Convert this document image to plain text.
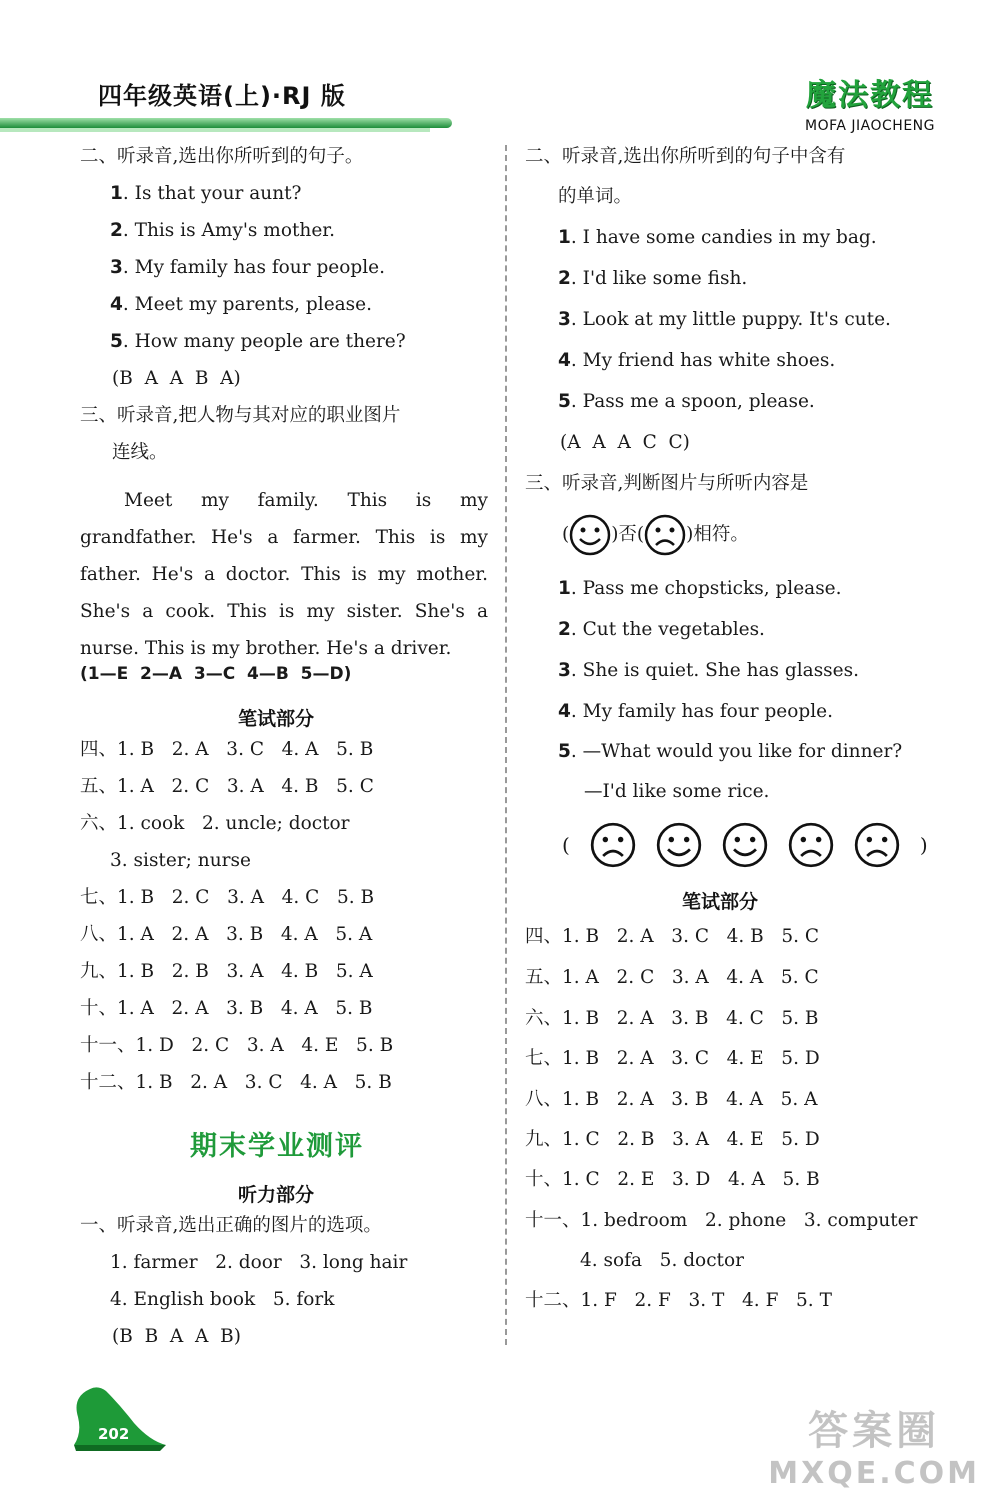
四年级英语(上)·RJ 版	魔法教程
MOFA JIAOCHENG
二、听录音,选出你所听到的句子。
1. Is that your aunt?
2. This is Amy's mother.
3. My family has four people.
4. Meet my parents, please.
5. How many people are there?
(B  A  A  B  A)
三、听录音,把人物与其对应的职业图片
连线。
Meet my family. This is my grandfather. He's a farmer. This is my father. He's a doctor. This is my mother. She's a cook. This is my sister. She's a nurse. This is my brother. He's a driver.
(1—E  2—A  3—C  4—B  5—D)
笔试部分
四、1. B   2. A   3. C   4. A   5. B
五、1. A   2. C   3. A   4. B   5. C
六、1. cook   2. uncle; doctor
3. sister; nurse
七、1. B   2. C   3. A   4. C   5. B
八、1. A   2. A   3. B   4. A   5. A
九、1. B   2. B   3. A   4. B   5. A
十、1. A   2. A   3. B   4. A   5. B
十一、1. D   2. C   3. A   4. E   5. B
十二、1. B   2. A   3. C   4. A   5. B
期末学业测评
听力部分
一、听录音,选出正确的图片的选项。
1. farmer   2. door   3. long hair
4. English book   5. fork
(B  B  A  A  B)
二、听录音,选出你所听到的句子中含有
的单词。
1. I have some candies in my bag.
2. I'd like some fish.
3. Look at my little puppy. It's cute.
4. My friend has white shoes.
5. Pass me a spoon, please.
(A  A  A  C  C)
三、听录音,判断图片与所听内容是
( )否( )相符。
1. Pass me chopsticks, please.
2. Cut the vegetables.
3. She is quiet. She has glasses.
4. My family has four people.
5. —What would you like for dinner?
—I'd like some rice.
(	)
笔试部分
四、1. B   2. A   3. C   4. B   5. C
五、1. A   2. C   3. A   4. A   5. C
六、1. B   2. A   3. B   4. C   5. B
七、1. B   2. A   3. C   4. E   5. D
八、1. B   2. A   3. B   4. A   5. A
九、1. C   2. B   3. A   4. E   5. D
十、1. C   2. E   3. D   4. A   5. B
十一、1. bedroom   2. phone   3. computer
4. sofa   5. doctor
十二、1. F   2. F   3. T   4. F   5. T
202	答案圈
MXQE.COM
